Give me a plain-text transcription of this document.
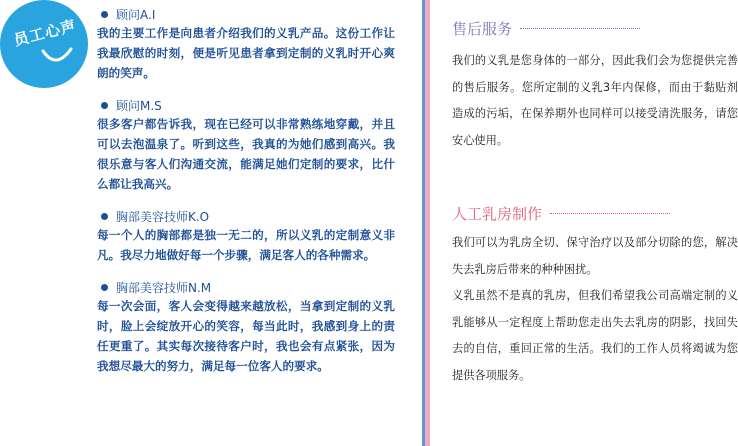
员工心声
顾问A.I
我的主要工作是向患者介绍我们的义乳产品。这份工作让我最欣慰的时刻，便是听见患者拿到定制的义乳时开心爽朗的笑声。
顾问M.S
很多客户都告诉我，现在已经可以非常熟练地穿戴，并且可以去泡温泉了。听到这些，我真的为她们感到高兴。我很乐意与客人们沟通交流，能满足她们定制的要求，比什么都让我高兴。
胸部美容技师K.O
每一个人的胸部都是独一无二的，所以义乳的定制意义非凡。我尽力地做好每一个步骤，满足客人的各种需求。
胸部美容技师N.M
每一次会面，客人会变得越来越放松，当拿到定制的义乳时，脸上会绽放开心的笑容，每当此时，我感到身上的责任更重了。其实每次接待客户时，我也会有点紧张，因为我想尽最大的努力，满足每一位客人的要求。
售后服务

我们的义乳是您身体的一部分，因此我们会为您提供完善的售后服务。您所定制的义乳3年内保修，而由于黏贴剂造成的污垢，在保养期外也同样可以接受清洗服务，请您安心使用。

人工乳房制作

我们可以为乳房全切、保守治疗以及部分切除的您，解决失去乳房后带来的种种困扰。

义乳虽然不是真的乳房，但我们希望我公司高端定制的义乳能够从一定程度上帮助您走出失去乳房的阴影，找回失去的自信，重回正常的生活。我们的工作人员将竭诚为您提供各项服务。
